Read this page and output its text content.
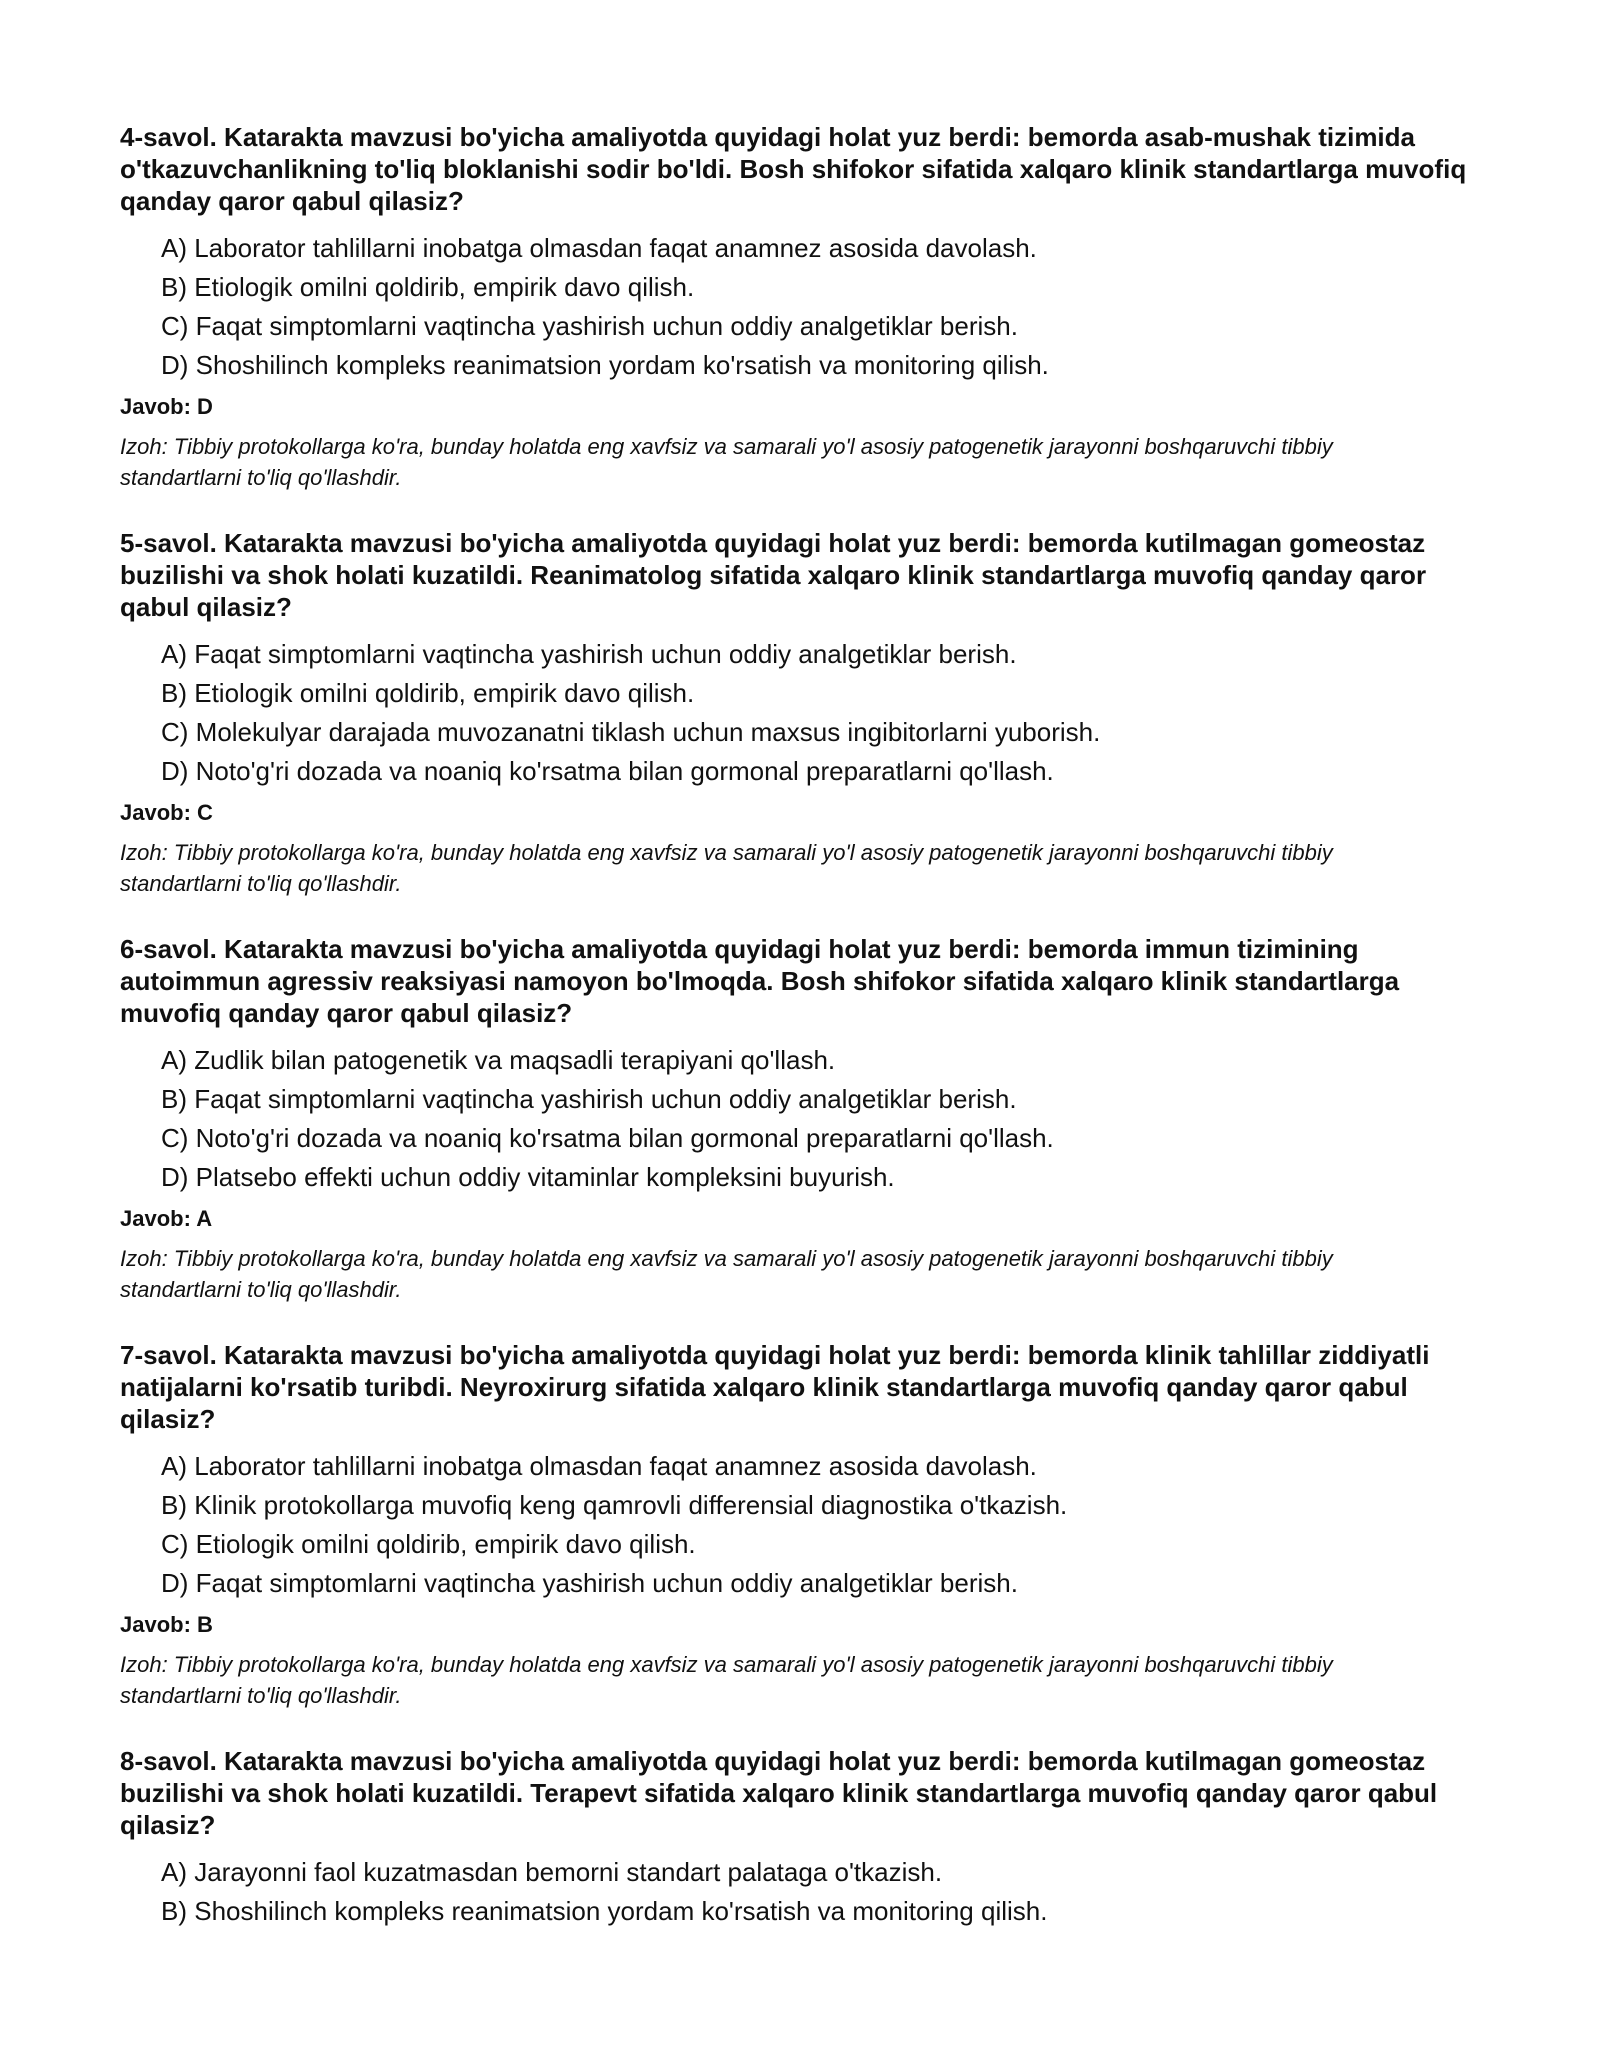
4-savol. Katarakta mavzusi bo'yicha amaliyotda quyidagi holat yuz berdi: bemorda asab-mushak tizimida o'tkazuvchanlikning to'liq bloklanishi sodir bo'ldi. Bosh shifokor sifatida xalqaro klinik standartlarga muvofiq qanday qaror qabul qilasiz?
A) Laborator tahlillarni inobatga olmasdan faqat anamnez asosida davolash.
B) Etiologik omilni qoldirib, empirik davo qilish.
C) Faqat simptomlarni vaqtincha yashirish uchun oddiy analgetiklar berish.
D) Shoshilinch kompleks reanimatsion yordam ko'rsatish va monitoring qilish.
Javob: D
Izoh: Tibbiy protokollarga ko'ra, bunday holatda eng xavfsiz va samarali yo'l asosiy patogenetik jarayonni boshqaruvchi tibbiy standartlarni to'liq qo'llashdir.
5-savol. Katarakta mavzusi bo'yicha amaliyotda quyidagi holat yuz berdi: bemorda kutilmagan gomeostaz buzilishi va shok holati kuzatildi. Reanimatolog sifatida xalqaro klinik standartlarga muvofiq qanday qaror qabul qilasiz?
A) Faqat simptomlarni vaqtincha yashirish uchun oddiy analgetiklar berish.
B) Etiologik omilni qoldirib, empirik davo qilish.
C) Molekulyar darajada muvozanatni tiklash uchun maxsus ingibitorlarni yuborish.
D) Noto'g'ri dozada va noaniq ko'rsatma bilan gormonal preparatlarni qo'llash.
Javob: C
Izoh: Tibbiy protokollarga ko'ra, bunday holatda eng xavfsiz va samarali yo'l asosiy patogenetik jarayonni boshqaruvchi tibbiy standartlarni to'liq qo'llashdir.
6-savol. Katarakta mavzusi bo'yicha amaliyotda quyidagi holat yuz berdi: bemorda immun tizimining autoimmun agressiv reaksiyasi namoyon bo'lmoqda. Bosh shifokor sifatida xalqaro klinik standartlarga muvofiq qanday qaror qabul qilasiz?
A) Zudlik bilan patogenetik va maqsadli terapiyani qo'llash.
B) Faqat simptomlarni vaqtincha yashirish uchun oddiy analgetiklar berish.
C) Noto'g'ri dozada va noaniq ko'rsatma bilan gormonal preparatlarni qo'llash.
D) Platsebo effekti uchun oddiy vitaminlar kompleksini buyurish.
Javob: A
Izoh: Tibbiy protokollarga ko'ra, bunday holatda eng xavfsiz va samarali yo'l asosiy patogenetik jarayonni boshqaruvchi tibbiy standartlarni to'liq qo'llashdir.
7-savol. Katarakta mavzusi bo'yicha amaliyotda quyidagi holat yuz berdi: bemorda klinik tahlillar ziddiyatli natijalarni ko'rsatib turibdi. Neyroxirurg sifatida xalqaro klinik standartlarga muvofiq qanday qaror qabul qilasiz?
A) Laborator tahlillarni inobatga olmasdan faqat anamnez asosida davolash.
B) Klinik protokollarga muvofiq keng qamrovli differensial diagnostika o'tkazish.
C) Etiologik omilni qoldirib, empirik davo qilish.
D) Faqat simptomlarni vaqtincha yashirish uchun oddiy analgetiklar berish.
Javob: B
Izoh: Tibbiy protokollarga ko'ra, bunday holatda eng xavfsiz va samarali yo'l asosiy patogenetik jarayonni boshqaruvchi tibbiy standartlarni to'liq qo'llashdir.
8-savol. Katarakta mavzusi bo'yicha amaliyotda quyidagi holat yuz berdi: bemorda kutilmagan gomeostaz buzilishi va shok holati kuzatildi. Terapevt sifatida xalqaro klinik standartlarga muvofiq qanday qaror qabul qilasiz?
A) Jarayonni faol kuzatmasdan bemorni standart palataga o'tkazish.
B) Shoshilinch kompleks reanimatsion yordam ko'rsatish va monitoring qilish.
